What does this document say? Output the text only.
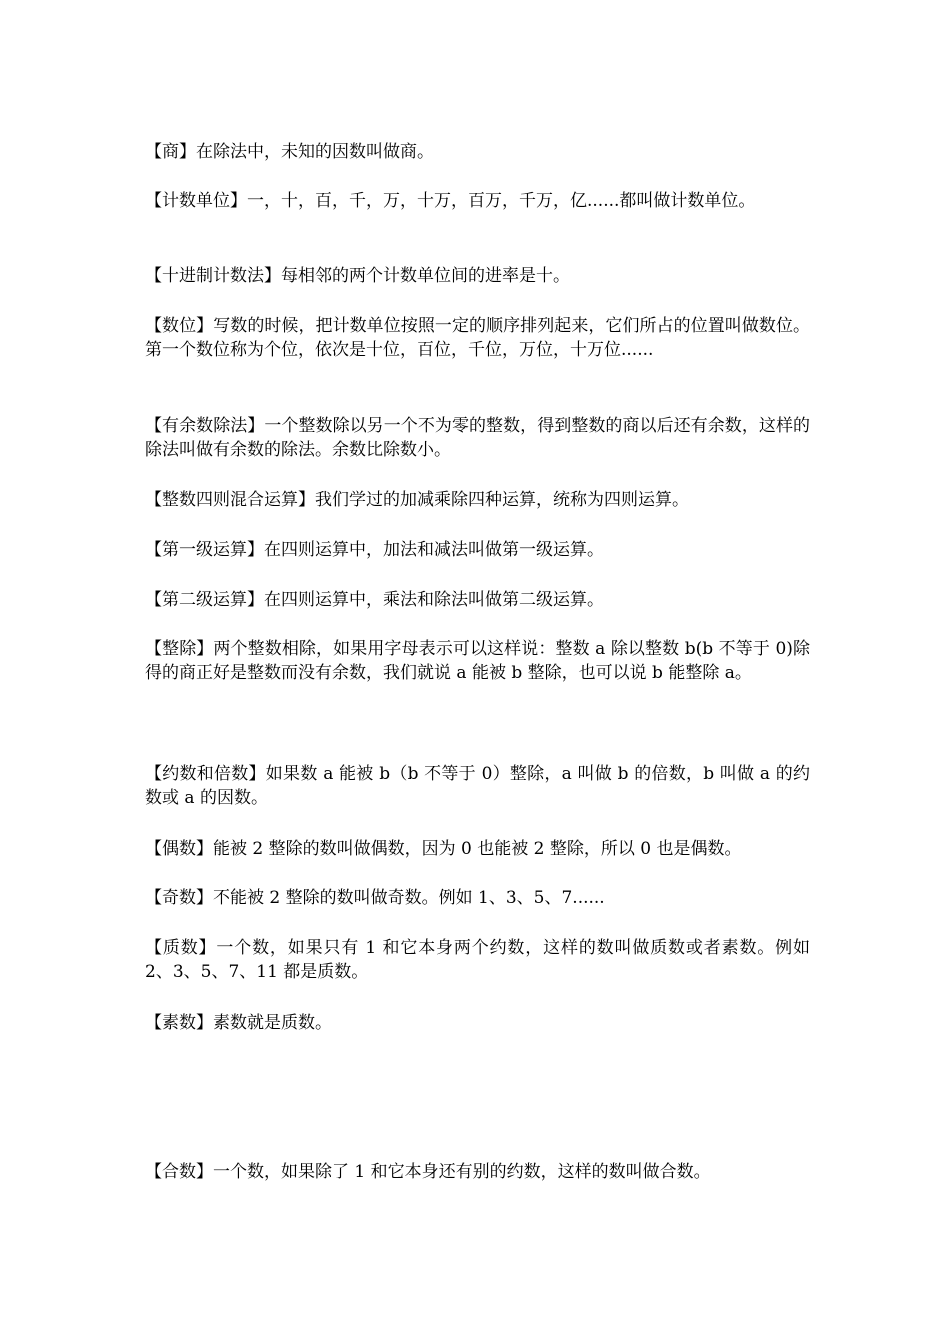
【商】在除法中，未知的因数叫做商。

【计数单位】一，十，百，千，万，十万，百万，千万，亿......都叫做计数单位。

【十进制计数法】每相邻的两个计数单位间的进率是十。

【数位】写数的时候，把计数单位按照一定的顺序排列起来，它们所占的位置叫做数位。第一个数位称为个位，依次是十位，百位，千位，万位，十万位......

【有余数除法】一个整数除以另一个不为零的整数，得到整数的商以后还有余数，这样的除法叫做有余数的除法。余数比除数小。

【整数四则混合运算】我们学过的加减乘除四种运算，统称为四则运算。

【第一级运算】在四则运算中，加法和减法叫做第一级运算。

【第二级运算】在四则运算中，乘法和除法叫做第二级运算。

【整除】两个整数相除，如果用字母表示可以这样说：整数 a 除以整数 b(b 不等于 0)除得的商正好是整数而没有余数，我们就说 a 能被 b 整除，也可以说 b 能整除 a。

【约数和倍数】如果数 a 能被 b（b 不等于 0）整除，a 叫做 b 的倍数，b 叫做 a 的约数或 a 的因数。

【偶数】能被 2 整除的数叫做偶数，因为 0 也能被 2 整除，所以 0 也是偶数。

【奇数】不能被 2 整除的数叫做奇数。例如 1、3、5、7......

【质数】一个数，如果只有 1 和它本身两个约数，这样的数叫做质数或者素数。例如 2、3、5、7、11 都是质数。

【素数】素数就是质数。

【合数】一个数，如果除了 1 和它本身还有别的约数，这样的数叫做合数。
